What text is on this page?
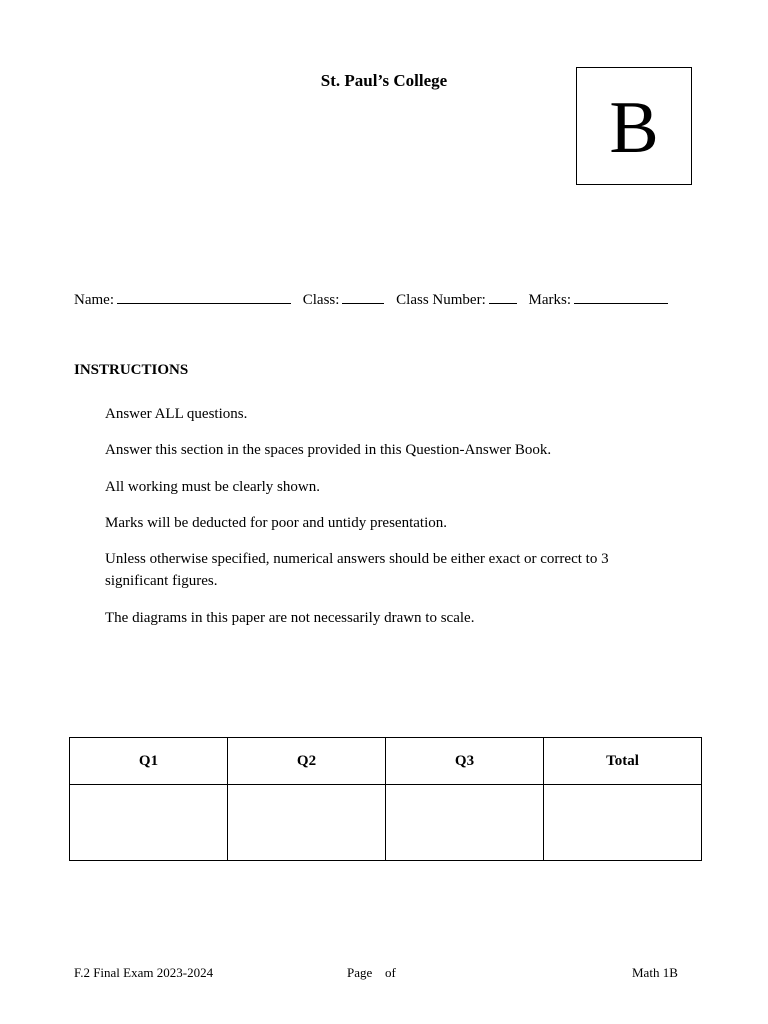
St. Paul’s College
B
Name:	Class:	Class Number:	Marks:
INSTRUCTIONS
Answer ALL questions.
Answer this section in the spaces provided in this Question-Answer Book.
All working must be clearly shown.
Marks will be deducted for poor and untidy presentation.
Unless otherwise specified, numerical answers should be either exact or correct to 3 significant figures.
The diagrams in this paper are not necessarily drawn to scale.
Q1	Q2	Q3	Total

F.2 Final Exam 2023-2024	Page of	Math 1B
